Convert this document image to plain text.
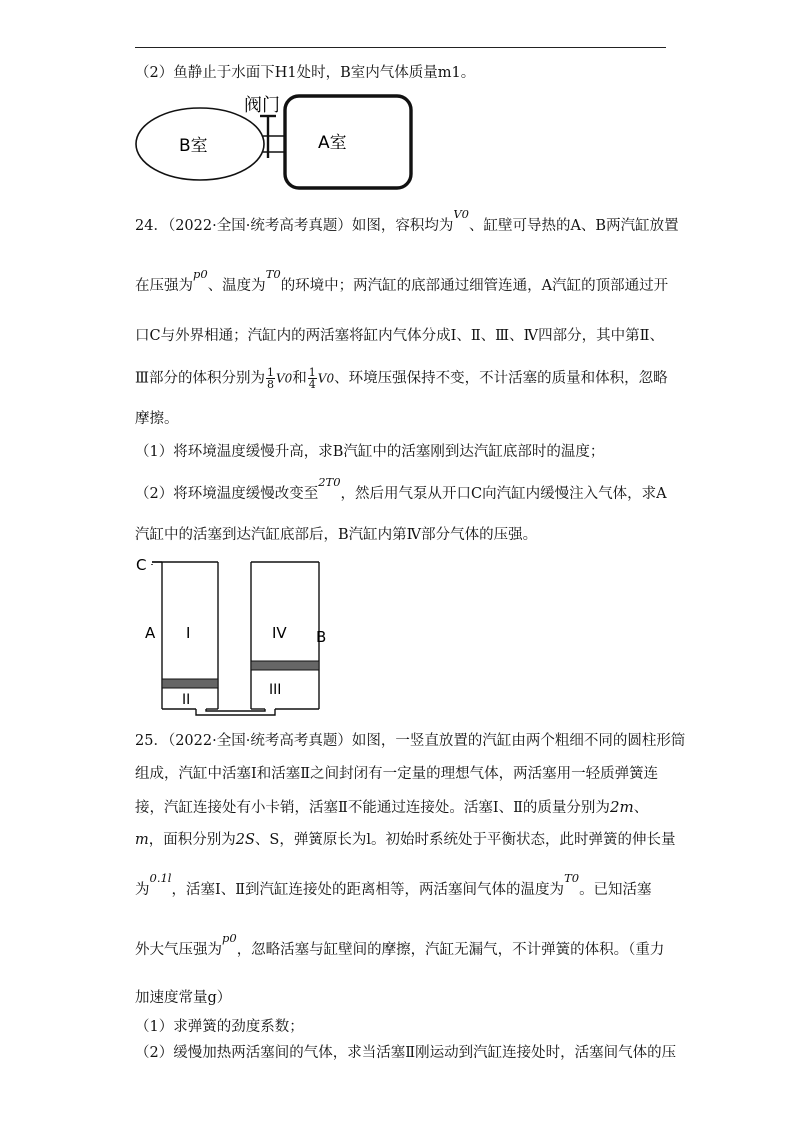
（2）鱼静止于水面下H1处时，B室内气体质量m1。
阀门
B室	A室
24．（2022·全国·统考高考真题）如图，容积均为$^{V0}$、缸壁可导热的A、B两汽缸放置
在压强为$^{p0}$、温度为$^{T0}$的环境中；两汽缸的底部通过细管连通，A汽缸的顶部通过开
口C与外界相通；汽缸内的两活塞将缸内气体分成Ⅰ、Ⅱ、Ⅲ、Ⅳ四部分，其中第Ⅱ、
Ⅲ部分的体积分别为 $\frac{1}{8} V0$和 $\frac{1}{4} V0$、环境压强保持不变，不计活塞的质量和体积，忽略
摩擦。
（1）将环境温度缓慢升高，求B汽缸中的活塞刚到达汽缸底部时的温度；
（2）将环境温度缓慢改变至$^{2T0}$，然后用气泵从开口C向汽缸内缓慢注入气体，求A
汽缸中的活塞到达汽缸底部后，B汽缸内第Ⅳ部分气体的压强。
C
A	B
I
II
III
IV
25．（2022·全国·统考高考真题）如图，一竖直放置的汽缸由两个粗细不同的圆柱形筒
组成，汽缸中活塞Ⅰ和活塞Ⅱ之间封闭有一定量的理想气体，两活塞用一轻质弹簧连
接，汽缸连接处有小卡销，活塞Ⅱ不能通过连接处。活塞Ⅰ、Ⅱ的质量分别为2m、
m，面积分别为2S、S，弹簧原长为l。初始时系统处于平衡状态，此时弹簧的伸长量
为$^{0.1l}$，活塞Ⅰ、Ⅱ到汽缸连接处的距离相等，两活塞间气体的温度为$^{T0}$。已知活塞
外大气压强为$^{p0}$，忽略活塞与缸壁间的摩擦，汽缸无漏气，不计弹簧的体积。（重力
加速度常量g）
（1）求弹簧的劲度系数；
（2）缓慢加热两活塞间的气体，求当活塞Ⅱ刚运动到汽缸连接处时，活塞间气体的压
